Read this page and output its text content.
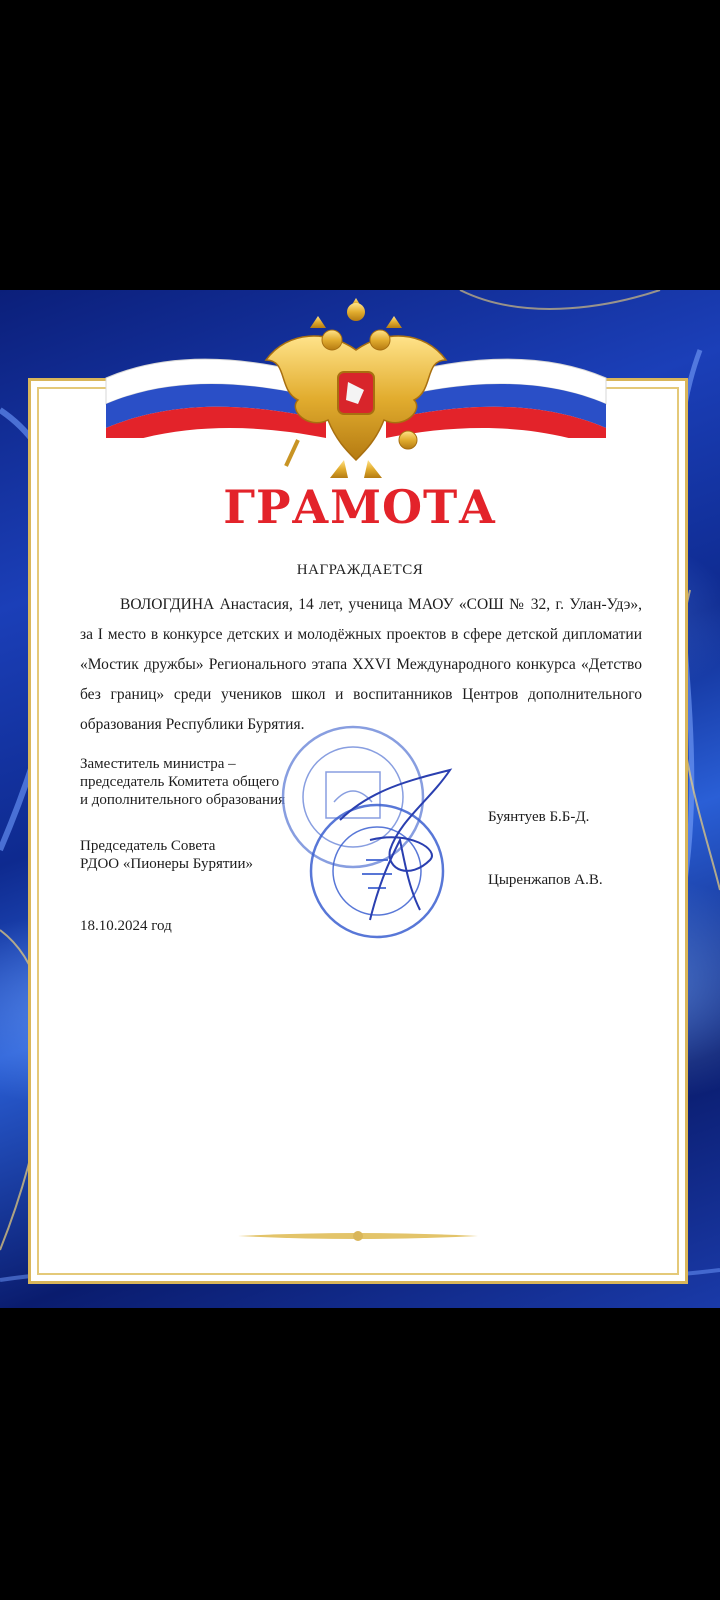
ГРАМОТА
НАГРАЖДАЕТСЯ

ВОЛОГДИНА Анастасия, 14 лет, ученица МАОУ «СОШ № 32, г. Улан-Удэ», за I место в конкурсе детских и молодёжных проектов в сфере детской дипломатии «Мостик дружбы» Регионального этапа XXVI Международного конкурса «Детство без границ» среди учеников школ и воспитанников Центров дополнительного образования Республики Бурятия.

Заместитель министра –
председатель Комитета общего
и дополнительного образования
Буянтуев Б.Б-Д.
Председатель Совета
РДОО «Пионеры Бурятии»
Цыренжапов А.В.
18.10.2024 год
